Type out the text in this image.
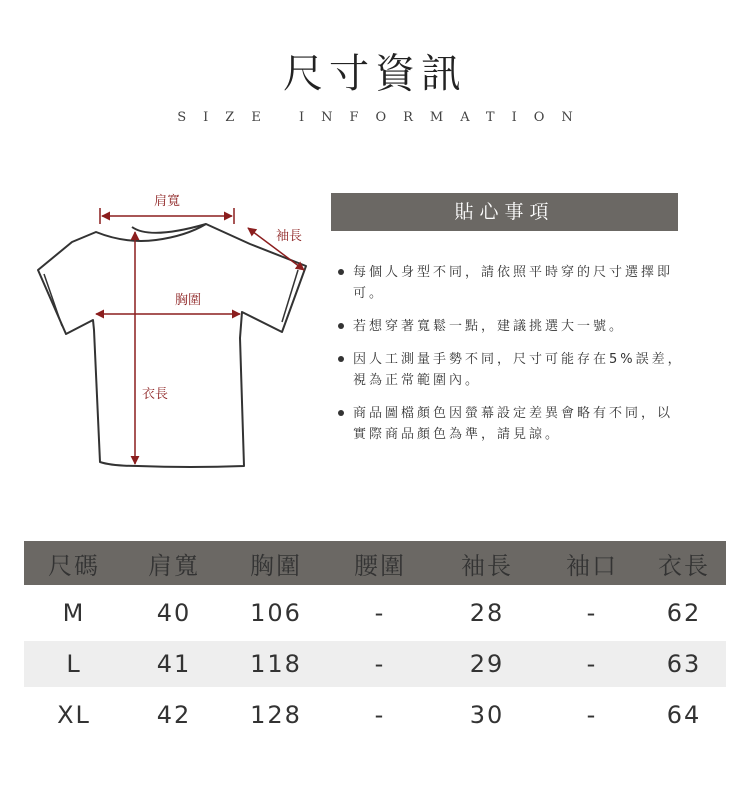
尺寸資訊
SIZE INFORMATION
肩寬
袖長
胸圍
衣長
貼心事項
每個人身型不同，請依照平時穿的尺寸選擇即可。
若想穿著寬鬆一點，建議挑選大一號。
因人工測量手勢不同，尺寸可能存在5%誤差，視為正常範圍內。
商品圖檔顏色因螢幕設定差異會略有不同，以實際商品顏色為準，請見諒。
尺碼	肩寬	胸圍	腰圍	袖長	袖口	衣長
M	40	106	-	28	-	62
L	41	118	-	29	-	63
XL	42	128	-	30	-	64
